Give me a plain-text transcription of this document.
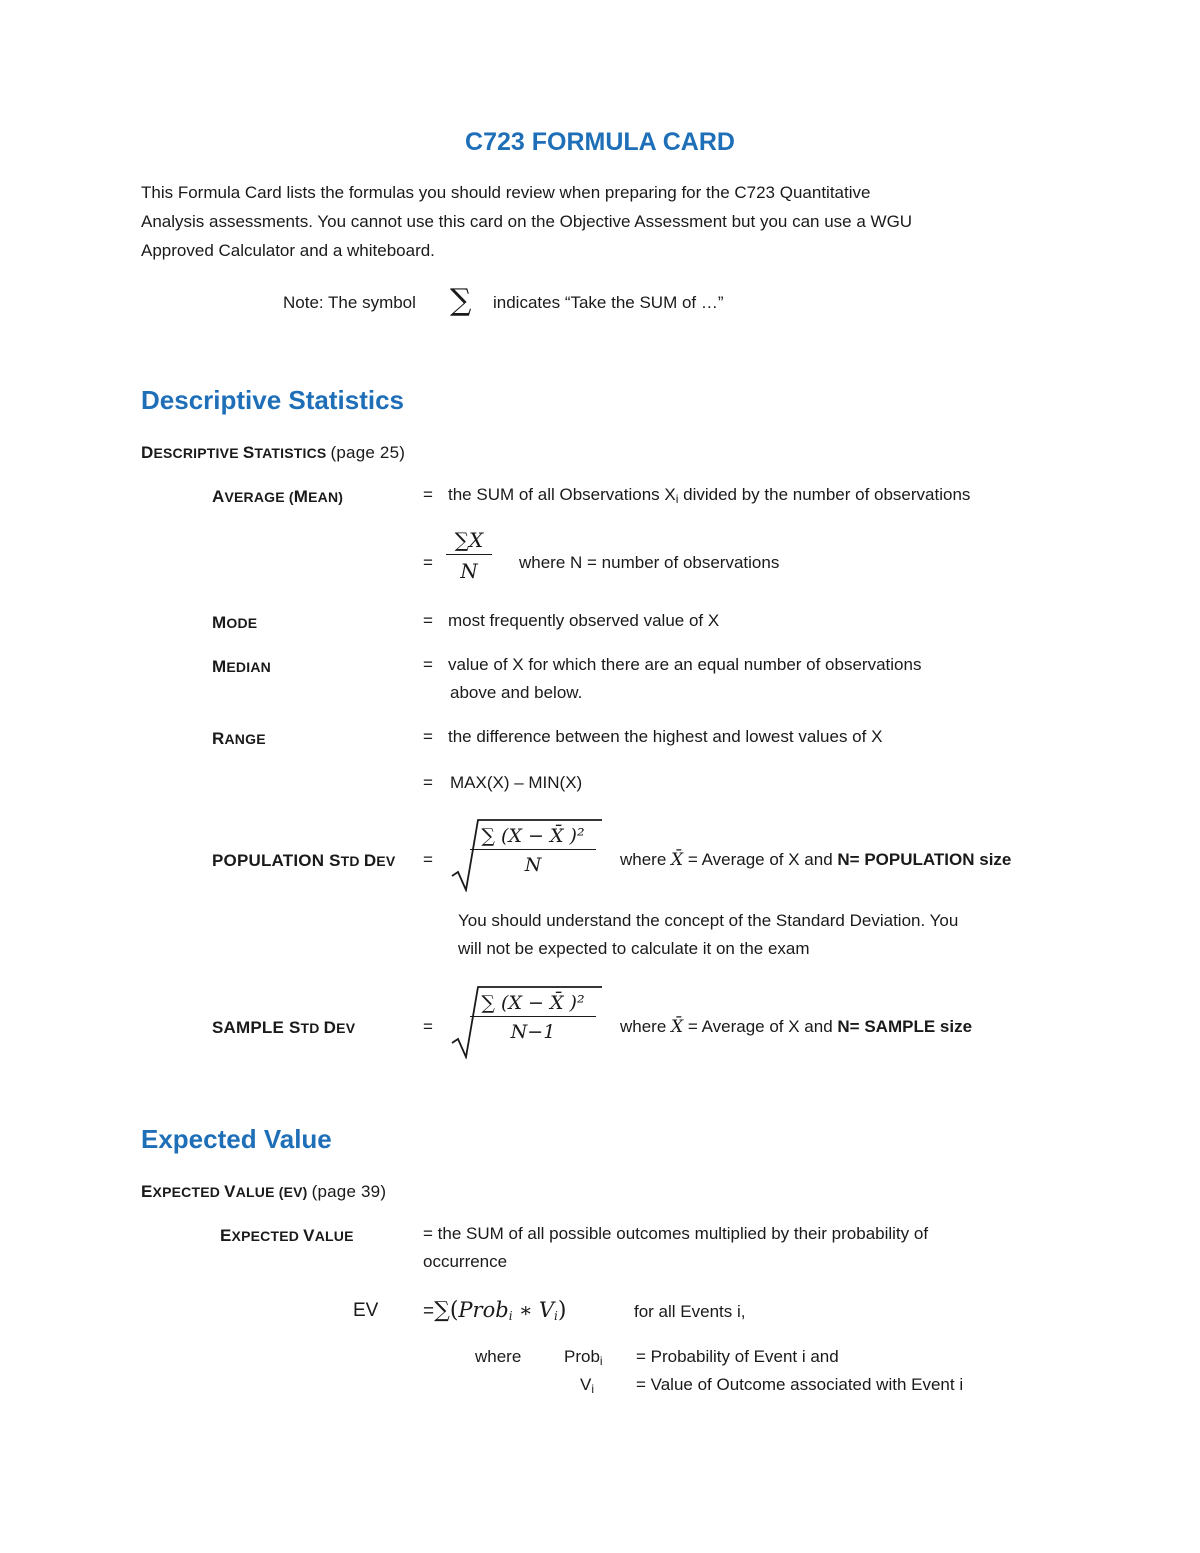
C723 FORMULA CARD
This Formula Card lists the formulas you should review when preparing for the C723 Quantitative
Analysis assessments. You cannot use this card on the Objective Assessment but you can use a WGU
Approved Calculator and a whiteboard.
Note: The symbol ∑ indicates “Take the SUM of …”
Descriptive Statistics
DESCRIPTIVE STATISTICS (page 25)
AVERAGE (MEAN)	= the SUM of all Observations $X_i$ divided by the number of observations
= $\frac{\sum X}{N}$ where N = number of observations
MODE	= most frequently observed value of X
MEDIAN	= value of X for which there are an equal number of observations
above and below.
RANGE	= the difference between the highest and lowest values of X
= MAX(X) – MIN(X)
POPULATION STD DEV = $\frac{\text{∑ (X − X̄ )²}}{N}$ where X̄ = Average of X and N= POPULATION size
You should understand the concept of the Standard Deviation. You
will not be expected to calculate it on the exam
SAMPLE STD DEV	= $\frac{\text{∑ (X − X̄ )²}}{N-1}$ where X̄ = Average of X and N= SAMPLE size
Expected Value
EXPECTED VALUE (EV) (page 39)
EXPECTED VALUE	= the SUM of all possible outcomes multiplied by their probability of
occurrence
EV =∑(Prob$_i$ ∗ $V_i$)	for all Events i,
where	Prob$_i$ = Probability of Event i and
$V_i$ = Value of Outcome associated with Event i
